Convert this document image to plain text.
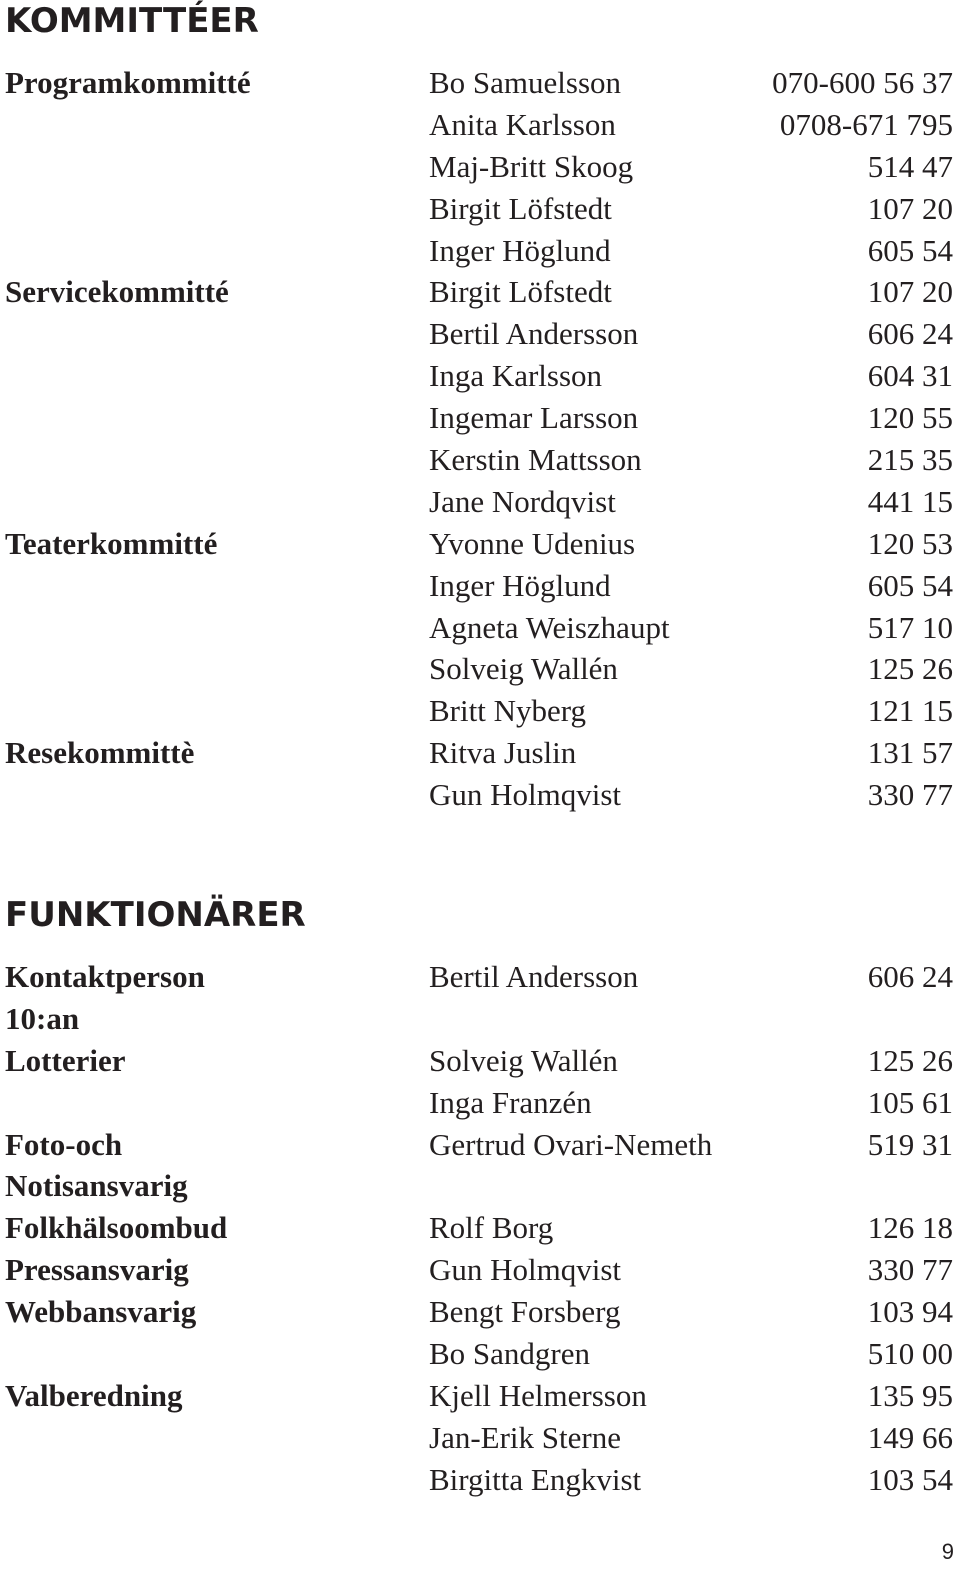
KOMMITTÉER
Programkommitté	Bo Samuelsson	070-600 56 37
Anita Karlsson	0708-671 795
Maj-Britt Skoog	514 47
Birgit Löfstedt	107 20
Inger Höglund	605 54
Servicekommitté	Birgit Löfstedt	107 20
Bertil Andersson	606 24
Inga Karlsson	604 31
Ingemar Larsson	120 55
Kerstin Mattsson	215 35
Jane Nordqvist	441 15
Teaterkommitté	Yvonne Udenius	120 53
Inger Höglund	605 54
Agneta Weiszhaupt	517 10
Solveig Wallén	125 26
Britt Nyberg	121 15
Resekommittè	Ritva Juslin	131 57
Gun Holmqvist	330 77
FUNKTIONÄRER
Kontaktperson	Bertil Andersson	606 24
10:an
Lotterier	Solveig Wallén	125 26
Inga Franzén	105 61
Foto-och	Gertrud Ovari-Nemeth	519 31
Notisansvarig
Folkhälsoombud	Rolf Borg	126 18
Pressansvarig	Gun Holmqvist	330 77
Webbansvarig	Bengt Forsberg	103 94
Bo Sandgren	510 00
Valberedning	Kjell Helmersson	135 95
Jan-Erik Sterne	149 66
Birgitta Engkvist	103 54
9
